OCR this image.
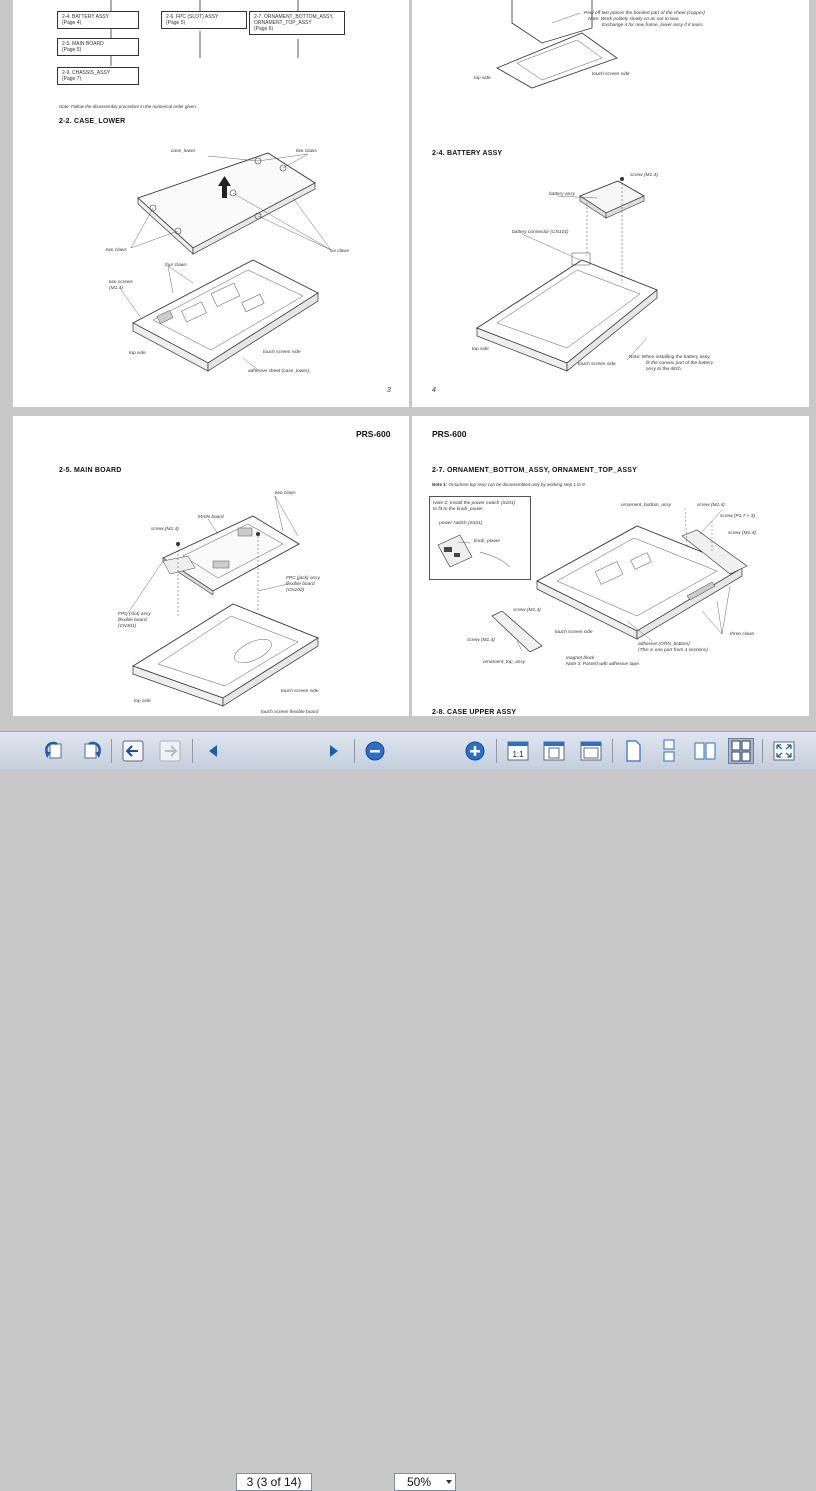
2-4. BATTERY ASSY
(Page 4)
2-5. MAIN BOARD
(Page 5)
2-9. CHASSIS_ASSY
(Page 7)
2-6. FPC (SLOT) ASSY
(Page 5)
2-7. ORNAMENT_BOTTOM_ASSY, ORNAMENT_TOP_ASSY
(Page 6)
Note: Follow the disassembly procedure in the numerical order given.
2-2. CASE_LOWER
case_lower	two claws
two claws
four claws
six claws
two screws
(M1.4)
top side	touch screen side
adhesive sheet (case_lower)
3
Peel off two places the bonded part of the sheet (copper)
Note: Work politely slowly so as not to tear.
Exchange it for new frame_lower assy if it tears.
top side
touch screen side
2-4. BATTERY ASSY
screw (M1.4)
battery assy
battery connector (CN101)
top side
touch screen side
Note: When installing the battery assy,
fit the convex part of the battery
assy to the ditch.
4
PRS-600
2-5. MAIN BOARD
two claws
MAIN board
screw (M1.4)
FPC (jack) assy
flexible board
(CN102)
FPC (slot) assy
flexible board
(CN301)
touch screen side
top side
touch screen flexible board
PRS-600
2-7. ORNAMENT_BOTTOM_ASSY, ORNAMENT_TOP_ASSY
Note 1: Ornament top assy can be disassembled only by working step 1 to 9.
Note 2: Install the power switch (S101)
to fit to the knob_power.
power switch (S101)
knob_power
ornament_bottom_assy	screw (M1.4)
screw (P1.7 × 3)
screw (M1.4)
screw (M1.4)
screw (M1.4)
touch screen side	three claws
ornament_top_assy
adhesive (ORN_bottom)
(This is one part from 4 sections)
magnet block
Note 3: Pasted with adhesive tape.
2-8. CASE UPPER ASSY
3 (3 of 14)	50%
1:1
